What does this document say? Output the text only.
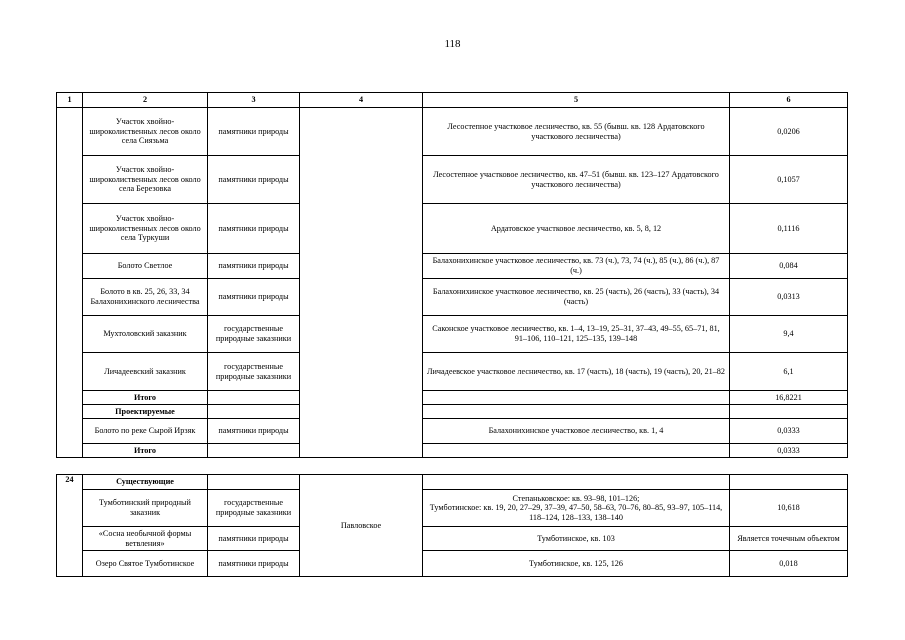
118
1	2	3	4	5	6
	Участок хвойно-широколиственных лесов около села Сиязьма	памятники природы		Лесостепное участковое лесничество, кв. 55 (бывш. кв. 128 Ардатовского участкового лесничества)	0,0206
	Участок хвойно-широколиственных лесов около села Березовка	памятники природы		Лесостепное участковое лесничество, кв. 47–51 (бывш. кв. 123–127 Ардатовского участкового лесничества)	0,1057
	Участок хвойно-широколиственных лесов около села Туркуши	памятники природы		Ардатовское участковое лесничество, кв. 5, 8, 12	0,1116
	Болото Светлое	памятники природы		Балахонихинское участковое лесничество, кв. 73 (ч.), 73, 74 (ч.), 85 (ч.), 86 (ч.), 87 (ч.)	0,084
	Болото в кв. 25, 26, 33, 34 Балахонихинского лесничества	памятники природы		Балахонихинское участковое лесничество, кв. 25 (часть), 26 (часть), 33 (часть), 34 (часть)	0,0313
	Мухтоловский заказник	государственные природные заказники		Саконское участковое лесничество, кв. 1–4, 13–19, 25–31, 37–43, 49–55, 65–71, 81, 91–106, 110–121, 125–135, 139–148	9,4
	Личадеевский заказник	государственные природные заказники		Личадеевское участковое лесничество, кв. 17 (часть), 18 (часть), 19 (часть), 20, 21–82	6,1
	Итого				16,8221
	Проектируемые				
	Болото по реке Сырой Ирзяк	памятники природы		Балахонихинское участковое лесничество, кв. 1, 4	0,0333
	Итого				0,0333
24	Существующие		Павловское		
	Тумботинский природный заказник	государственные природные заказники		Степаньковское: кв. 93–98, 101–126;
Тумботинское: кв. 19, 20, 27–29, 37–39, 47–50, 58–63, 70–76, 80–85, 93–97, 105–114, 118–124, 128–133, 138–140	10,618
	«Сосна необычной формы ветвления»	памятники природы		Тумботинское, кв. 103	Является точечным объектом
	Озеро Святое Тумботинское	памятники природы		Тумботинское, кв. 125, 126	0,018
